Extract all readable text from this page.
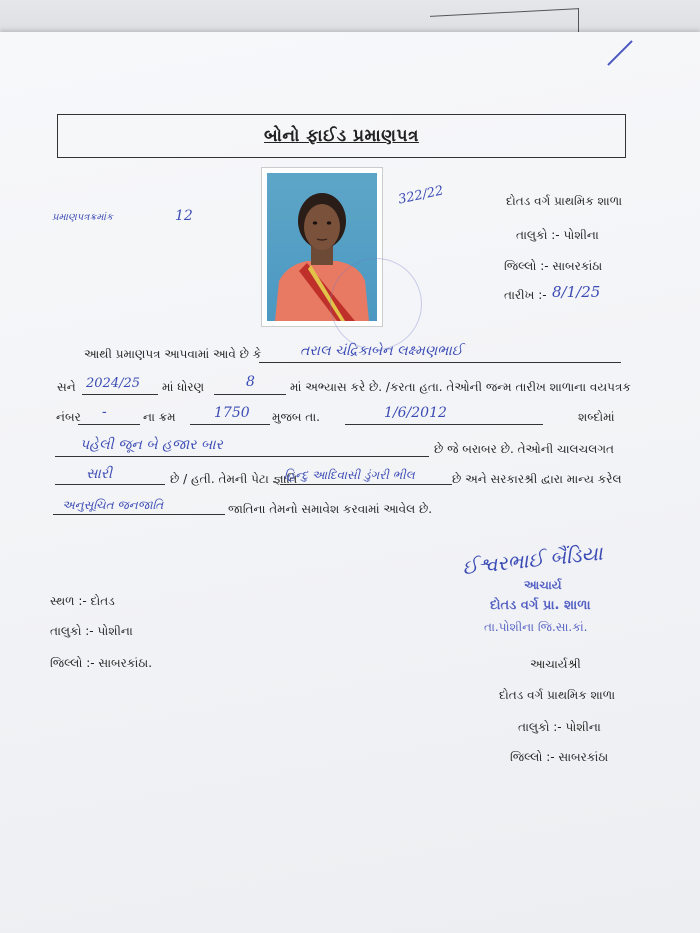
બોનો ફાઈડ પ્રમાણપત્ર
પ્રમાણપત્રક્રમાંક	12
322/22	દોતડ વર્ગ પ્રાથમિક શાળા
તાલુકો :- પોશીના
જિલ્લો :- સાબરકાંઠા
તારીખ :- 8/1/25
આથી પ્રમાણપત્ર આપવામાં આવે છે કે	તરાલ ચંદ્રિકાબેન લક્ષ્મણભાઈ
સને 2024/25 માં ધોરણ	8	માં અભ્યાસ કરે છે. /કરતા હતા. તેઓની જન્મ તારીખ શાળાના વયપત્રક
નંબર -	ના ક્રમ	1750 મુજબ તા.	1/6/2012	શબ્દોમાં
પહેલી જૂન બે હજાર બાર	છે જે બરાબર છે. તેઓની ચાલચલગત
સારી	છે / હતી. તેમની પેટા જ્ઞાતિ
હિન્દુ આદિવાસી ડુંગરી ભીલ	છે અને સરકારશ્રી દ્વારા માન્ય કરેલ
અનુસૂચિત જનજાતિ	જાતિના તેમનો સમાવેશ કરવામાં આવેલ છે.
સ્થળ :- દોતડ
તાલુકો :- પોશીના
જિલ્લો :- સાબરકાંઠા.
ઈશ્વરભાઈ બૈંડિયા
આચાર્ય
દોતડ વર્ગ પ્રા. શાળા
તા.પોશીના જિ.સા.કાં.
આચાર્યશ્રી
દોતડ વર્ગ પ્રાથમિક શાળા
તાલુકો :- પોશીના
જિલ્લો :- સાબરકાંઠા
